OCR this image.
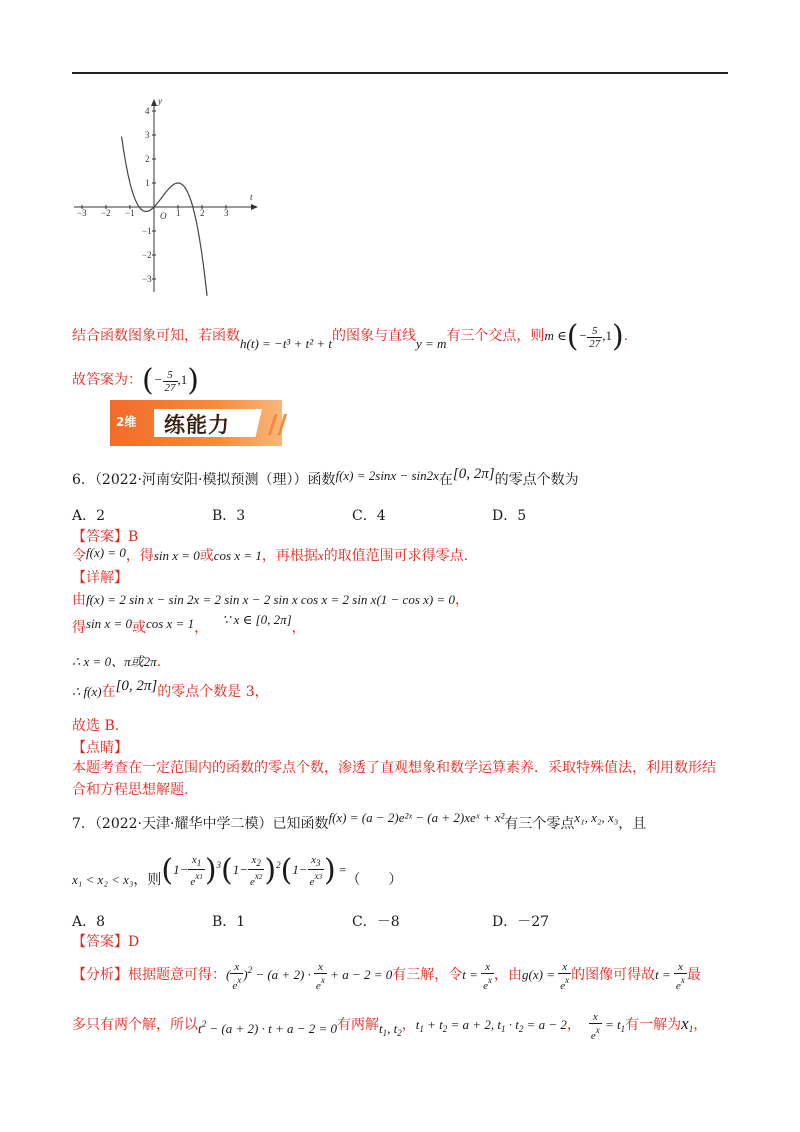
−3 −2 −1	1 2 3
4
3
2
1
−1
−2
−3
O
y
t
结合函数图象可知，若函数h(t) = −t³ + t² + t的图象与直线y = m有三个交点，则m ∈(− $\frac{5}{27} ,1$).
故答案为：(− $\frac{5}{27} ,1$)
2维 练能力 //
6．（2022·河南安阳·模拟预测（理））函数f(x) = 2sinx − sin2x在[0, 2π]的零点个数为
A．2	B．3	C．4	D．5
【答案】B
令f(x) = 0，得sin x = 0或cos x = 1，再根据x的取值范围可求得零点.
【详解】
由f(x) = 2 sin x − sin 2x = 2 sin x − 2 sin x cos x = 2 sin x(1 − cos x) = 0，
得sin x = 0或cos x = 1，∵ x ∈ [0, 2π]，
∴ x = 0、π或2π.
∴ f(x)在[0, 2π]的零点个数是 3，
故选 B.
【点睛】
本题考查在一定范围内的函数的零点个数，渗透了直观想象和数学运算素养．采取特殊值法，利用数形结
合和方程思想解题.
7．（2022·天津·耀华中学二模）已知函数f(x) = (a − 2)e²ˣ − (a + 2)xeˣ + x²有三个零点x₁, x₂, x₃，且
x₁ < x₂ < x₃，则$(1- \frac{x_1}{e^{x1}} )^3(1- \frac{x_2}{e^{x2}} )^2(1- \frac{x_3}{e^{x3}}$ ) =（　　）
A．8	B．1	C．－8	D．－27
【答案】D
【分析】根据题意可得：( $\frac{x}{e^x} )^2 - (a + 2) \cdot \frac{x}{e^x} + a - 2 = 0$有三解，令$t = \frac{x}{e^x}$ ，由$g(x) = \frac{x}{e^x}$ 的图像可得故$t = \frac{x}{e^x}$ 最
多只有两个解，所以$t^2 - (a + 2) \cdot t + a - 2 = 0$有两解$t_1$, $t_2$，$t_1 + t_2 = a + 2$, $t_1 \cdot t_2 = a - 2$， $\frac{x}{e^x} = t_1$有一解为$x_1$，
